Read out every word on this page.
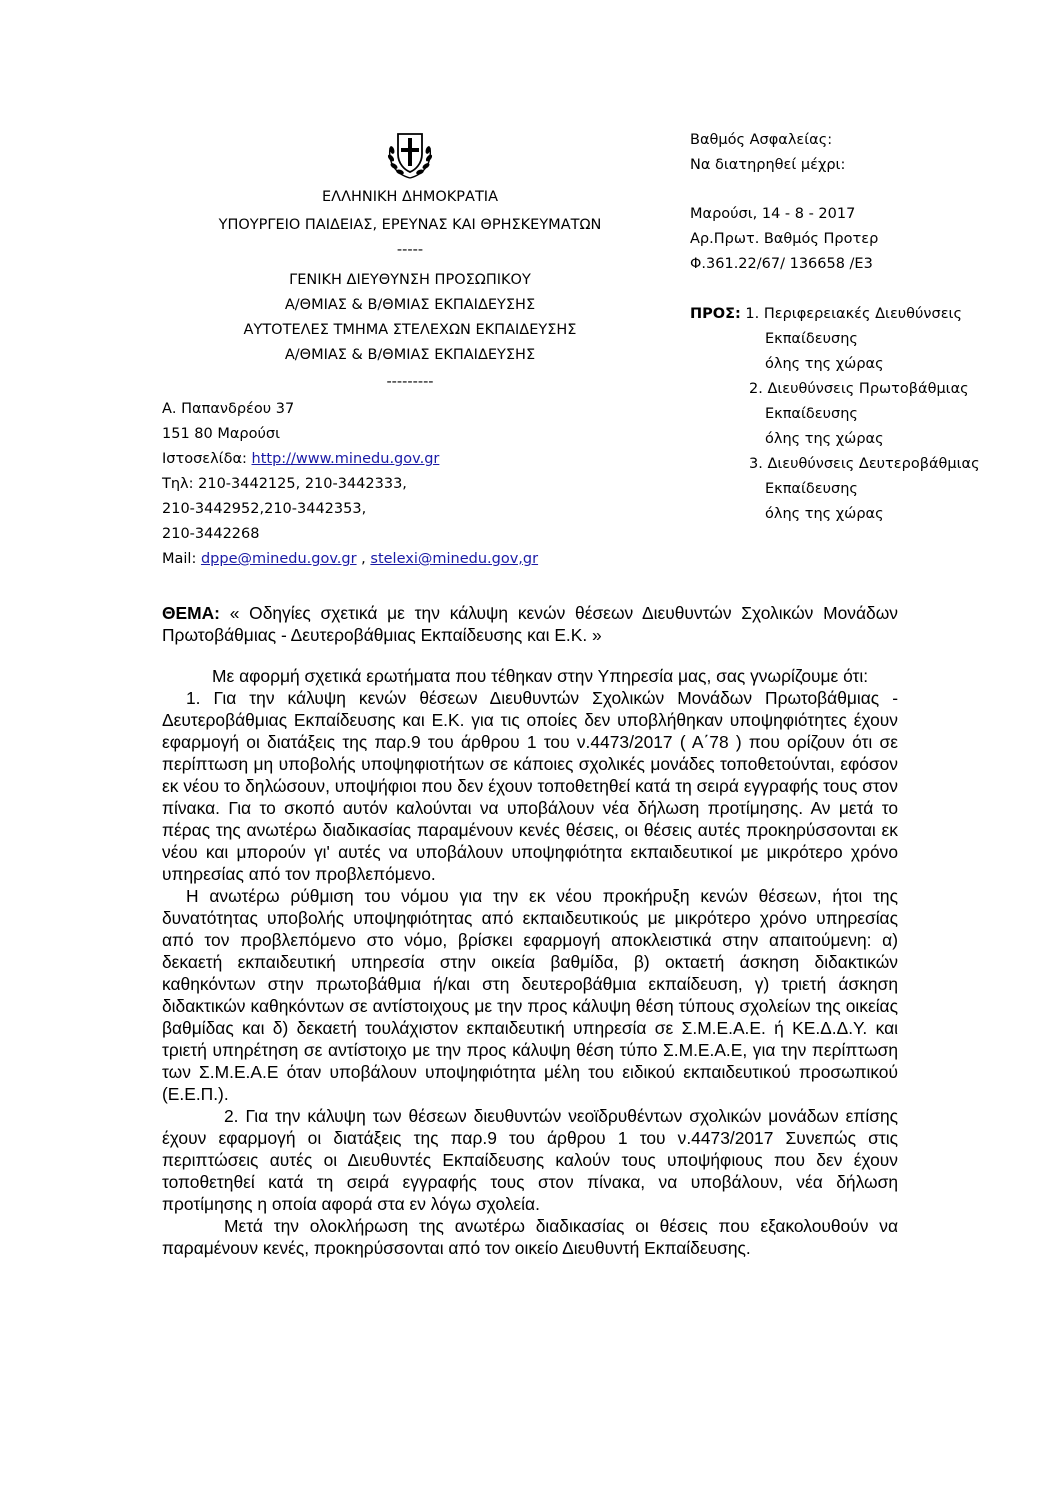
ΕΛΛΗΝΙΚΗ ΔΗΜΟΚΡΑΤΙΑ
ΥΠΟΥΡΓΕΙΟ ΠΑΙΔΕΙΑΣ, ΕΡΕΥΝΑΣ ΚΑΙ ΘΡΗΣΚΕΥΜΑΤΩΝ
-----
ΓΕΝΙΚΗ ΔΙΕΥΘΥΝΣΗ ΠΡΟΣΩΠΙΚΟΥ
Α/ΘΜΙΑΣ & Β/ΘΜΙΑΣ ΕΚΠΑΙΔΕΥΣΗΣ
ΑΥΤΟΤΕΛΕΣ ΤΜΗΜΑ ΣΤΕΛΕΧΩΝ ΕΚΠΑΙΔΕΥΣΗΣ
Α/ΘΜΙΑΣ & Β/ΘΜΙΑΣ ΕΚΠΑΙΔΕΥΣΗΣ
---------
Α. Παπανδρέου 37
151 80 Μαρούσι
Ιστοσελίδα: http://www.minedu.gov.gr
Τηλ: 210-3442125, 210-3442333,
210-3442952,210-3442353,
210-3442268
Mail: dppe@minedu.gov.gr , stelexi@minedu.gov,gr
Βαθμός Ασφαλείας:
Να διατηρηθεί μέχρι:
Μαρούσι, 14 - 8 - 2017
Αρ.Πρωτ. Βαθμός Προτερ
Φ.361.22/67/ 136658 /Ε3
ΠΡΟΣ: 1. Περιφερειακές Διευθύνσεις
Εκπαίδευσης
όλης της χώρας
2. Διευθύνσεις Πρωτοβάθμιας
Εκπαίδευσης
όλης της χώρας
3. Διευθύνσεις Δευτεροβάθμιας
Εκπαίδευσης
όλης της χώρας

ΘΕΜΑ: « Οδηγίες σχετικά με την κάλυψη κενών θέσεων Διευθυντών Σχολικών Μονάδων Πρωτοβάθμιας - Δευτεροβάθμιας Εκπαίδευσης και Ε.Κ. »

Με αφορμή σχετικά ερωτήματα που τέθηκαν στην Υπηρεσία μας, σας γνωρίζουμε ότι:

1. Για την κάλυψη κενών θέσεων Διευθυντών Σχολικών Μονάδων Πρωτοβάθμιας - Δευτεροβάθμιας Εκπαίδευσης και Ε.Κ. για τις οποίες δεν υποβλήθηκαν υποψηφιότητες έχουν εφαρμογή οι διατάξεις της παρ.9 του άρθρου 1 του ν.4473/2017 ( Α΄78 ) που ορίζουν ότι σε περίπτωση μη υποβολής υποψηφιοτήτων σε κάποιες σχολικές μονάδες τοποθετούνται, εφόσον εκ νέου το δηλώσουν, υποψήφιοι που δεν έχουν τοποθετηθεί κατά τη σειρά εγγραφής τους στον πίνακα. Για το σκοπό αυτόν καλούνται να υποβάλουν νέα δήλωση προτίμησης. Αν μετά το πέρας της ανωτέρω διαδικασίας παραμένουν κενές θέσεις, οι θέσεις αυτές προκηρύσσονται εκ νέου και μπορούν γι' αυτές να υποβάλουν υποψηφιότητα εκπαιδευτικοί με μικρότερο χρόνο υπηρεσίας από τον προβλεπόμενο.

Η ανωτέρω ρύθμιση του νόμου για την εκ νέου προκήρυξη κενών θέσεων, ήτοι της δυνατότητας υποβολής υποψηφιότητας από εκπαιδευτικούς με μικρότερο χρόνο υπηρεσίας από τον προβλεπόμενο στο νόμο, βρίσκει εφαρμογή αποκλειστικά στην απαιτούμενη: α) δεκαετή εκπαιδευτική υπηρεσία στην οικεία βαθμίδα, β) οκταετή άσκηση διδακτικών καθηκόντων στην πρωτοβάθμια ή/και στη δευτεροβάθμια εκπαίδευση, γ) τριετή άσκηση διδακτικών καθηκόντων σε αντίστοιχους με την προς κάλυψη θέση τύπους σχολείων της οικείας βαθμίδας και δ) δεκαετή τουλάχιστον εκπαιδευτική υπηρεσία σε Σ.Μ.Ε.Α.Ε. ή ΚΕ.Δ.Δ.Υ. και τριετή υπηρέτηση σε αντίστοιχο με την προς κάλυψη θέση τύπο Σ.Μ.Ε.Α.Ε, για την περίπτωση των Σ.Μ.Ε.Α.Ε όταν υποβάλουν υποψηφιότητα μέλη του ειδικού εκπαιδευτικού προσωπικού (Ε.Ε.Π.).

2. Για την κάλυψη των θέσεων διευθυντών νεοϊδρυθέντων σχολικών μονάδων επίσης έχουν εφαρμογή οι διατάξεις της παρ.9 του άρθρου 1 του ν.4473/2017 Συνεπώς στις περιπτώσεις αυτές οι Διευθυντές Εκπαίδευσης καλούν τους υποψήφιους που δεν έχουν τοποθετηθεί κατά τη σειρά εγγραφής τους στον πίνακα, να υποβάλουν, νέα δήλωση προτίμησης η οποία αφορά στα εν λόγω σχολεία.

Μετά την ολοκλήρωση της ανωτέρω διαδικασίας οι θέσεις που εξακολουθούν να παραμένουν κενές, προκηρύσσονται από τον οικείο Διευθυντή Εκπαίδευσης.
